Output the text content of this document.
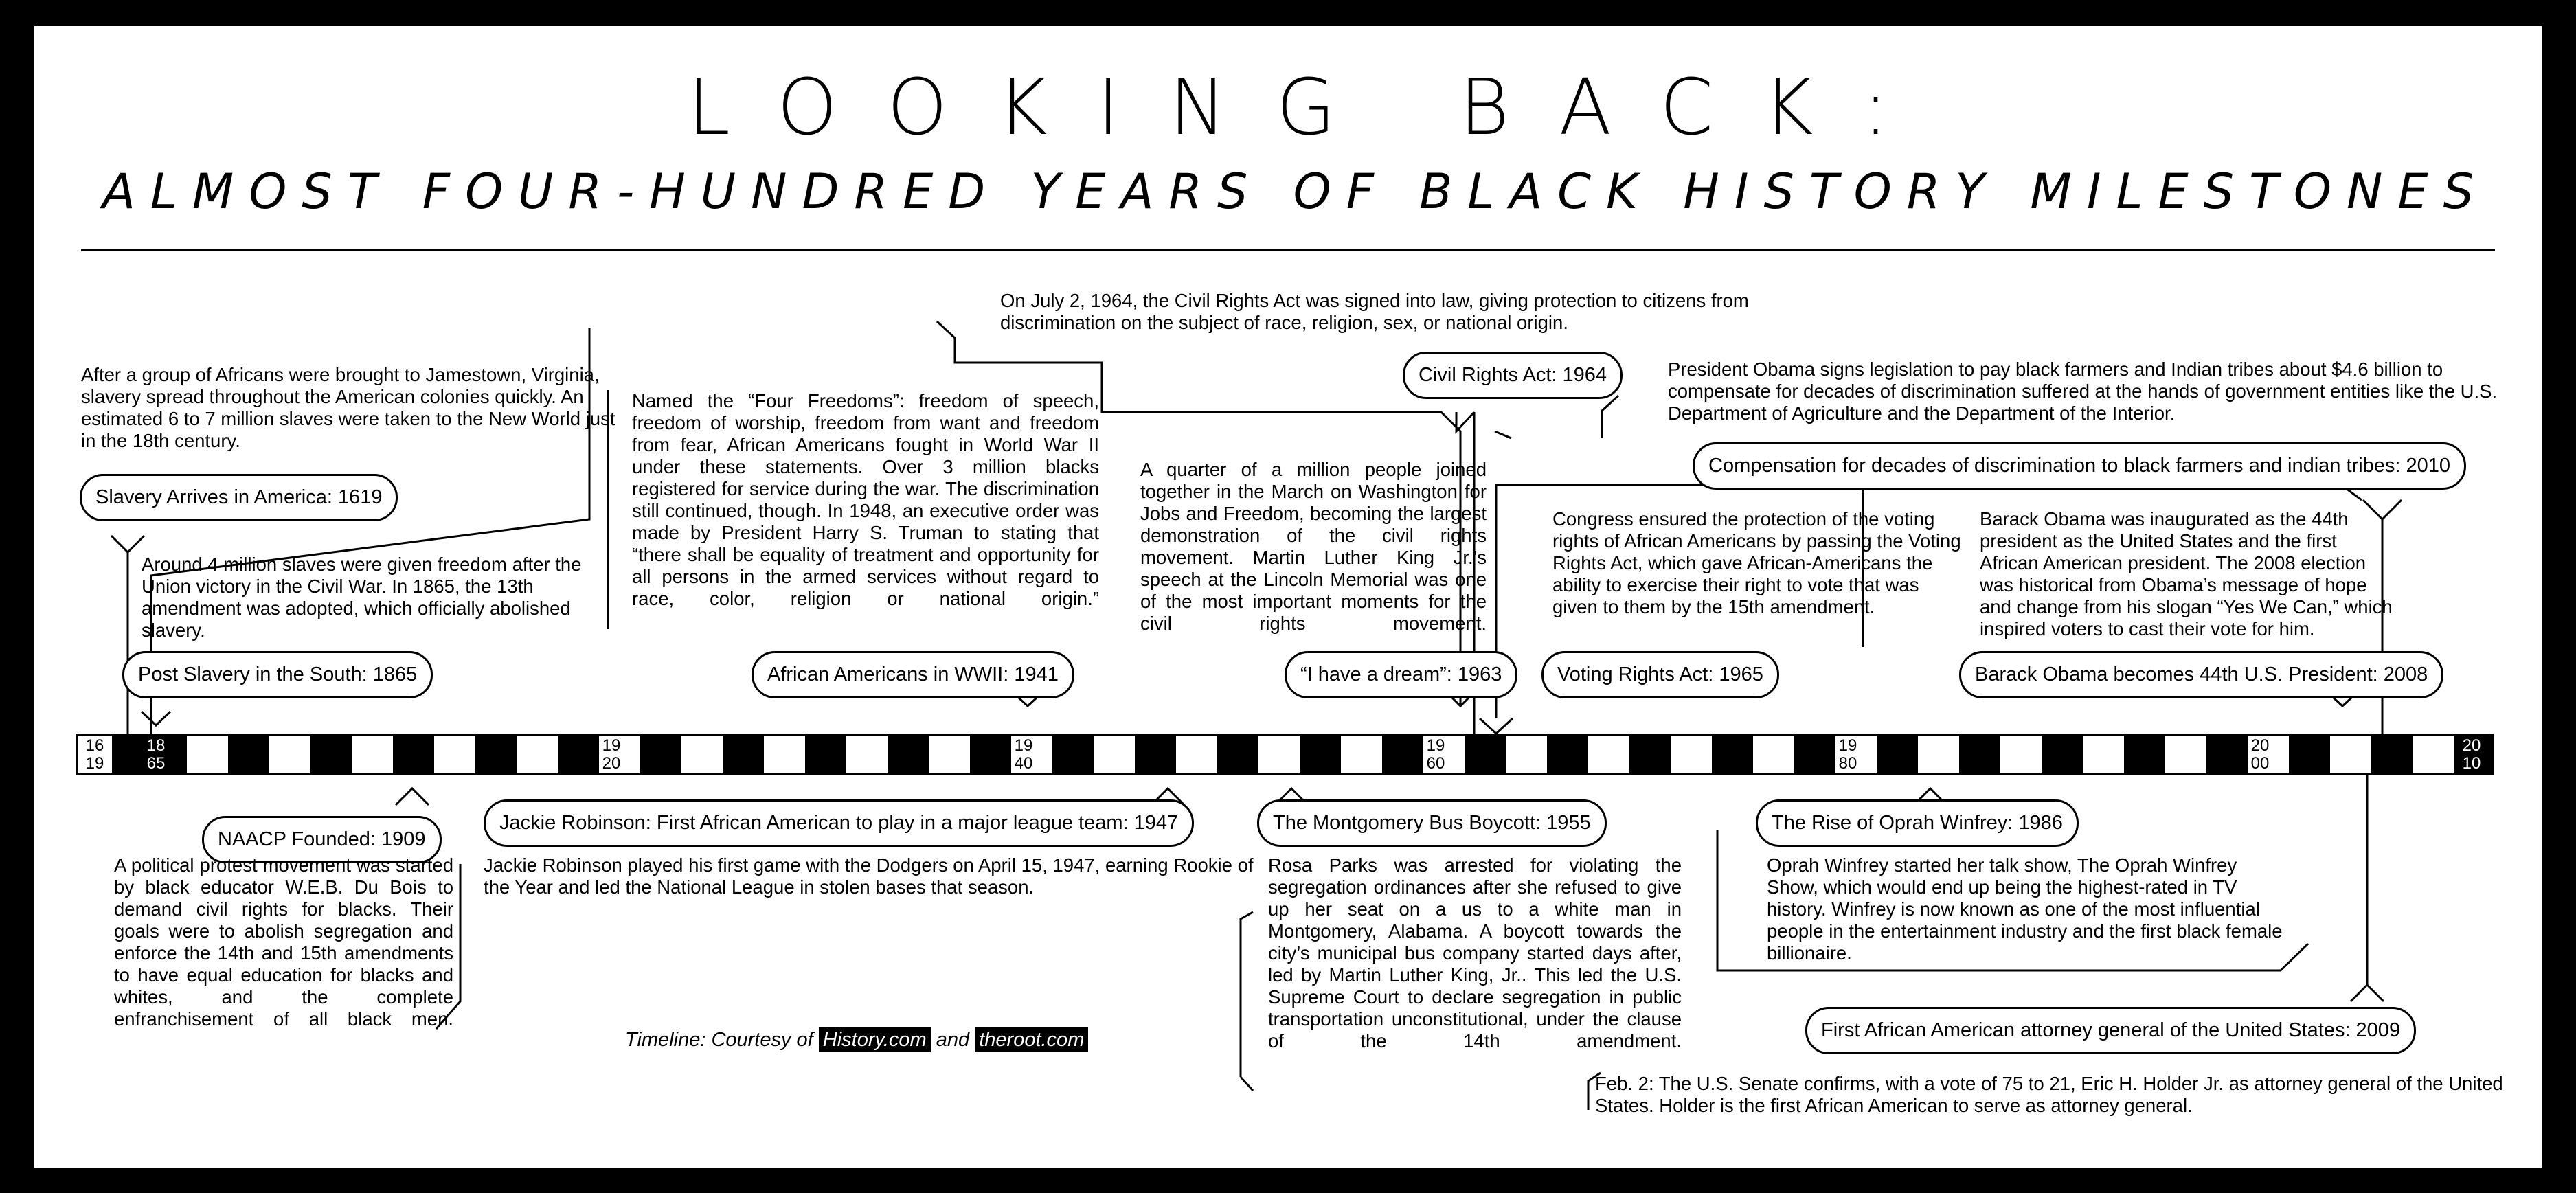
LOOKING BACK:
ALMOST FOUR-HUNDRED YEARS OF BLACK HISTORY MILESTONES
After a group of Africans were brought to Jamestown, Virginia, slavery spread throughout the American colonies quickly. An estimated 6 to 7 million slaves were taken to the New World just in the 18th century.
Slavery Arrives in America: 1619
Around 4 million slaves were given freedom after the Union victory in the Civil War. In 1865, the 13th amendment was adopted, which officially abolished slavery.
Post Slavery in the South: 1865
Named the “Four Freedoms”: freedom of speech, freedom of worship, freedom from want and freedom from fear, African Americans fought in World War II under these statements. Over 3 million blacks registered for service during the war. The discrimination still continued, though. In 1948, an executive order was made by President Harry S. Truman to stating that “there shall be equality of treatment and opportunity for all persons in the armed services without regard to race, color, religion or national origin.”
African Americans in WWII: 1941
On July 2, 1964, the Civil Rights Act was signed into law, giving protection to citizens from discrimination on the subject of race, religion, sex, or national origin.
Civil Rights Act: 1964
A quarter of a million people joined together in the March on Washington for Jobs and Freedom, becoming the largest demonstration of the civil rights movement. Martin Luther King Jr.’s speech at the Lincoln Memorial was one of the most important moments for the civil rights movement.
“I have a dream”: 1963
Congress ensured the protection of the voting rights of African Americans by passing the Voting Rights Act, which gave African-Americans the ability to exercise their right to vote that was given to them by the 15th amendment.
Voting Rights Act: 1965
President Obama signs legislation to pay black farmers and Indian tribes about $4.6 billion to compensate for decades of discrimination suffered at the hands of government entities like the U.S. Department of Agriculture and the Department of the Interior.
Compensation for decades of discrimination to black farmers and indian tribes: 2010
Barack Obama was inaugurated as the 44th president as the United States and the first African American president. The 2008 election was historical from Obama’s message of hope and change from his slogan “Yes We Can,” which inspired voters to cast their vote for him.
Barack Obama becomes 44th U.S. President: 2008
NAACP Founded: 1909
A political protest movement was started by black educator W.E.B. Du Bois to demand civil rights for blacks. Their goals were to abolish segregation and enforce the 14th and 15th amendments to have equal education for blacks and whites, and the complete enfranchisement of all black men.
Jackie Robinson: First African American to play in a major league team: 1947
Jackie Robinson played his first game with the Dodgers on April 15, 1947, earning Rookie of the Year and led the National League in stolen bases that season.
The Montgomery Bus Boycott: 1955
Rosa Parks was arrested for violating the segregation ordinances after she refused to give up her seat on a us to a white man in Montgomery, Alabama. A boycott towards the city’s municipal bus company started days after, led by Martin Luther King, Jr.. This led the U.S. Supreme Court to declare segregation in public transportation unconstitutional, under the clause of the 14th amendment.
The Rise of Oprah Winfrey: 1986
Oprah Winfrey started her talk show, The Oprah Winfrey Show, which would end up being the highest-rated in TV history. Winfrey is now known as one of the most influential people in the entertainment industry and the first black female billionaire.
First African American attorney general of the United States: 2009
Feb. 2: The U.S. Senate confirms, with a vote of 75 to 21, Eric H. Holder Jr. as attorney general of the United States. Holder is the first African American to serve as attorney general.
Timeline: Courtesy of History.com and theroot.com
16
19
18
65
19
00
19
10
19
20
19
30
19
40
19
50
19
60
19
70
19
80
19
90
20
00
20
10
